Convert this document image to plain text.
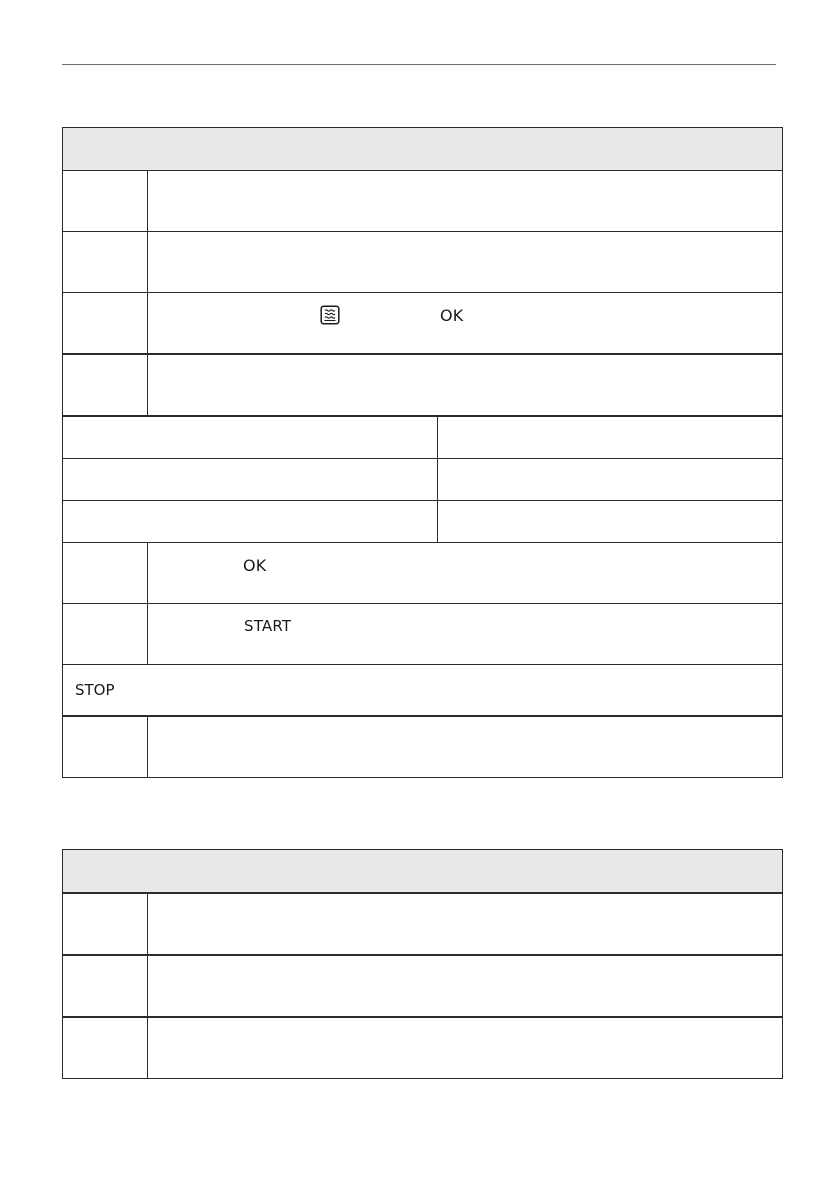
	OK	

	OK	

	START	

STOP		
